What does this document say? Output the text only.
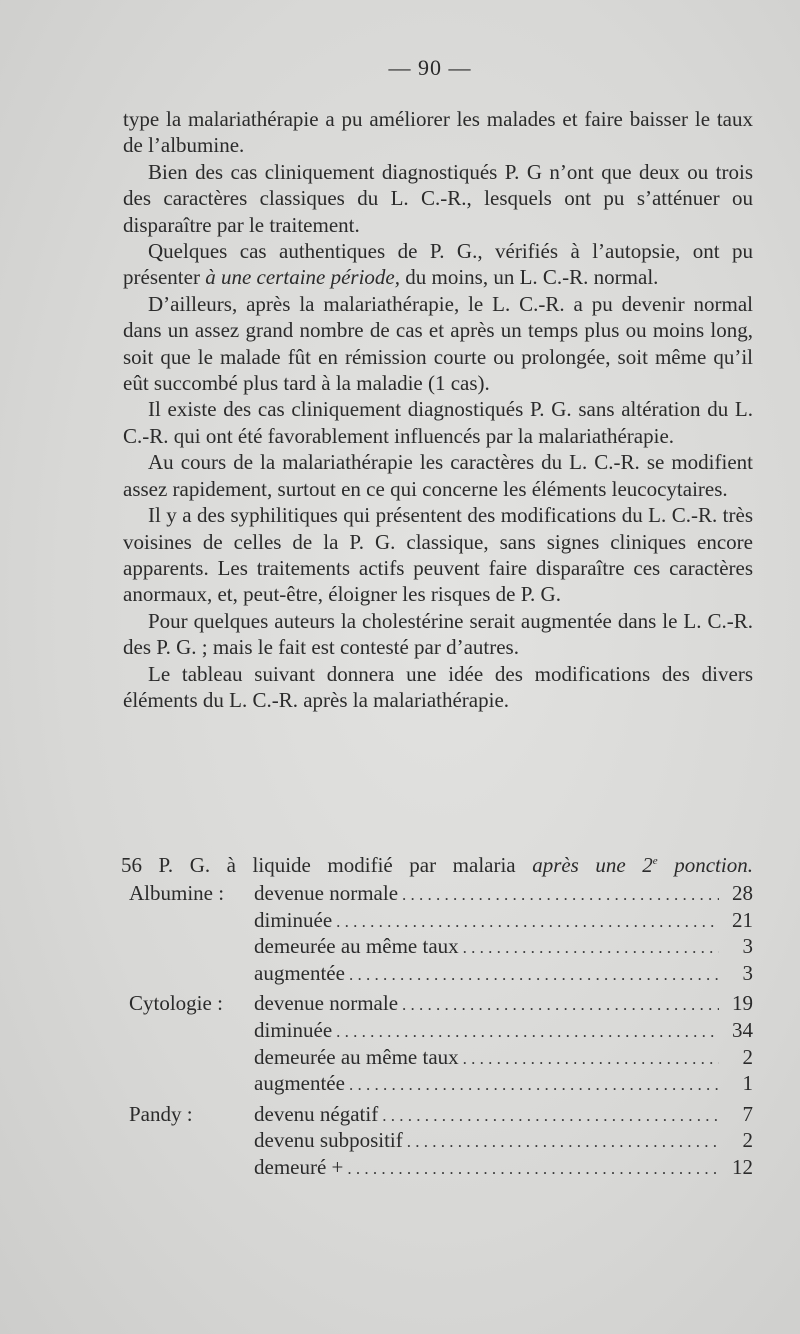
— 90 —

type la malariathérapie a pu améliorer les malades et faire baisser le taux de l’albumine.

Bien des cas cliniquement diagnostiqués P. G n’ont que deux ou trois des caractères classiques du L. C.-R., lesquels ont pu s’atténuer ou disparaître par le traitement.

Quelques cas authentiques de P. G., vérifiés à l’autopsie, ont pu présenter à une certaine période, du moins, un L. C.-R. normal.

D’ailleurs, après la malariathérapie, le L. C.-R. a pu devenir normal dans un assez grand nombre de cas et après un temps plus ou moins long, soit que le malade fût en rémission courte ou prolongée, soit même qu’il eût succombé plus tard à la maladie (1 cas).

Il existe des cas cliniquement diagnostiqués P. G. sans altération du L. C.-R. qui ont été favorablement influencés par la malariathérapie.

Au cours de la malariathérapie les caractères du L. C.-R. se modifient assez rapidement, surtout en ce qui concerne les éléments leucocytaires.

Il y a des syphilitiques qui présentent des modifications du L. C.-R. très voisines de celles de la P. G. classique, sans signes cliniques encore apparents. Les traitements actifs peuvent faire disparaître ces caractères anormaux, et, peut-être, éloigner les risques de P. G.

Pour quelques auteurs la cholestérine serait augmentée dans le L. C.-R. des P. G. ; mais le fait est contesté par d’autres.

Le tableau suivant donnera une idée des modifications des divers éléments du L. C.-R. après la malariathérapie.

56 P. G. à liquide modifié par malaria après une 2e ponction.
Albumine :	devenue normale . . .	28
diminuée . . .	21
demeurée au même taux . . .	3
augmentée . . .	3
Cytologie :	devenue normale . . .	19
diminuée . . .	34
demeurée au même taux . . .	2
augmentée . . .	1
Pandy :	devenu négatif . . .	7
devenu subpositif . . .	2
demeuré + . . .	12
